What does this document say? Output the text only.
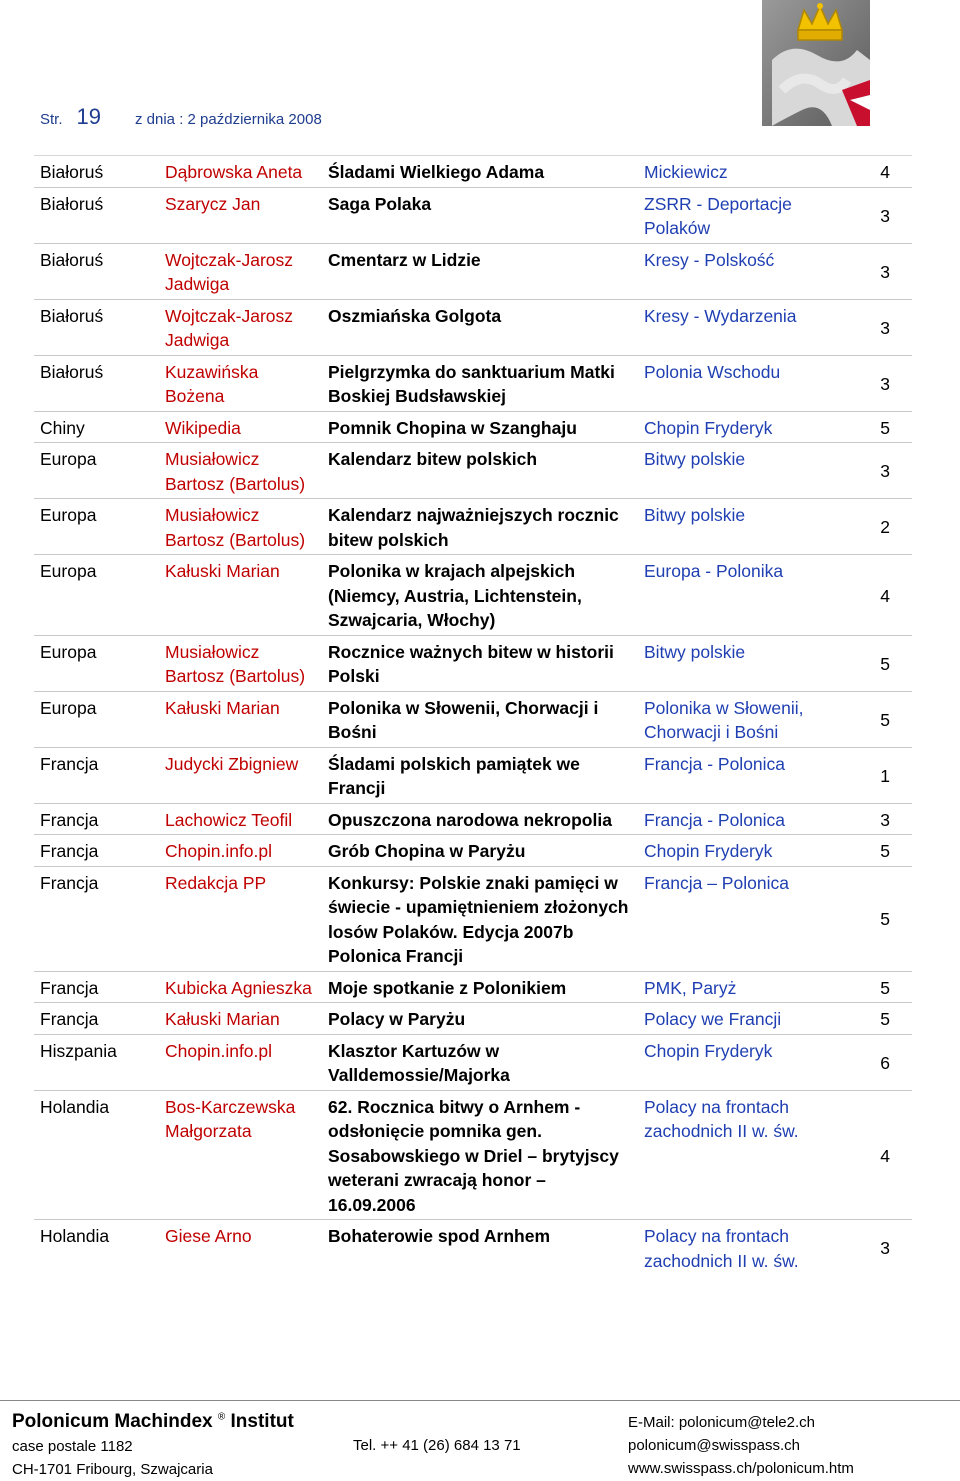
Str. 19 z dnia : 2 października 2008
Białoruś	Dąbrowska Aneta	Śladami Wielkiego Adama	Mickiewicz	4
Białoruś	Szarycz Jan	Saga Polaka	ZSRR - Deportacje Polaków	3
Białoruś	Wojtczak-Jarosz Jadwiga	Cmentarz w Lidzie	Kresy - Polskość	3
Białoruś	Wojtczak-Jarosz Jadwiga	Oszmiańska Golgota	Kresy - Wydarzenia	3
Białoruś	Kuzawińska Bożena	Pielgrzymka do sanktuarium Matki Boskiej Budsławskiej	Polonia Wschodu	3
Chiny	Wikipedia	Pomnik Chopina w Szanghaju	Chopin Fryderyk	5
Europa	Musiałowicz Bartosz (Bartolus)	Kalendarz bitew polskich	Bitwy polskie	3
Europa	Musiałowicz Bartosz (Bartolus)	Kalendarz najważniejszych rocznic bitew polskich	Bitwy polskie	2
Europa	Kałuski Marian	Polonika w krajach alpejskich (Niemcy, Austria, Lichtenstein, Szwajcaria, Włochy)	Europa - Polonika	4
Europa	Musiałowicz Bartosz (Bartolus)	Rocznice ważnych bitew w historii Polski	Bitwy polskie	5
Europa	Kałuski Marian	Polonika w Słowenii, Chorwacji i Bośni	Polonika w Słowenii, Chorwacji i Bośni	5
Francja	Judycki Zbigniew	Śladami polskich pamiątek we Francji	Francja - Polonica	1
Francja	Lachowicz Teofil	Opuszczona narodowa nekropolia	Francja - Polonica	3
Francja	Chopin.info.pl	Grób Chopina w Paryżu	Chopin Fryderyk	5
Francja	Redakcja PP	Konkursy: Polskie znaki pamięci w świecie - upamiętnieniem złożonych losów Polaków. Edycja 2007b Polonica Francji	Francja – Polonica	5
Francja	Kubicka Agnieszka	Moje spotkanie z Polonikiem	PMK, Paryż	5
Francja	Kałuski Marian	Polacy w Paryżu	Polacy we Francji	5
Hiszpania	Chopin.info.pl	Klasztor Kartuzów w Valldemossie/Majorka	Chopin Fryderyk	6
Holandia	Bos-Karczewska Małgorzata	62. Rocznica bitwy o Arnhem - odsłonięcie pomnika gen. Sosabowskiego w Driel – brytyjscy weterani zwracają honor – 16.09.2006	Polacy na frontach zachodnich II w. św.	4
Holandia	Giese Arno	Bohaterowie spod Arnhem	Polacy na frontach zachodnich II w. św.	3
Polonicum Machindex ® Institut
case postale 1182
CH-1701 Fribourg, Szwajcaria
Tel. ++ 41 (26) 684 13 71
E-Mail: polonicum@tele2.ch
polonicum@swisspass.ch
www.swisspass.ch/polonicum.htm
